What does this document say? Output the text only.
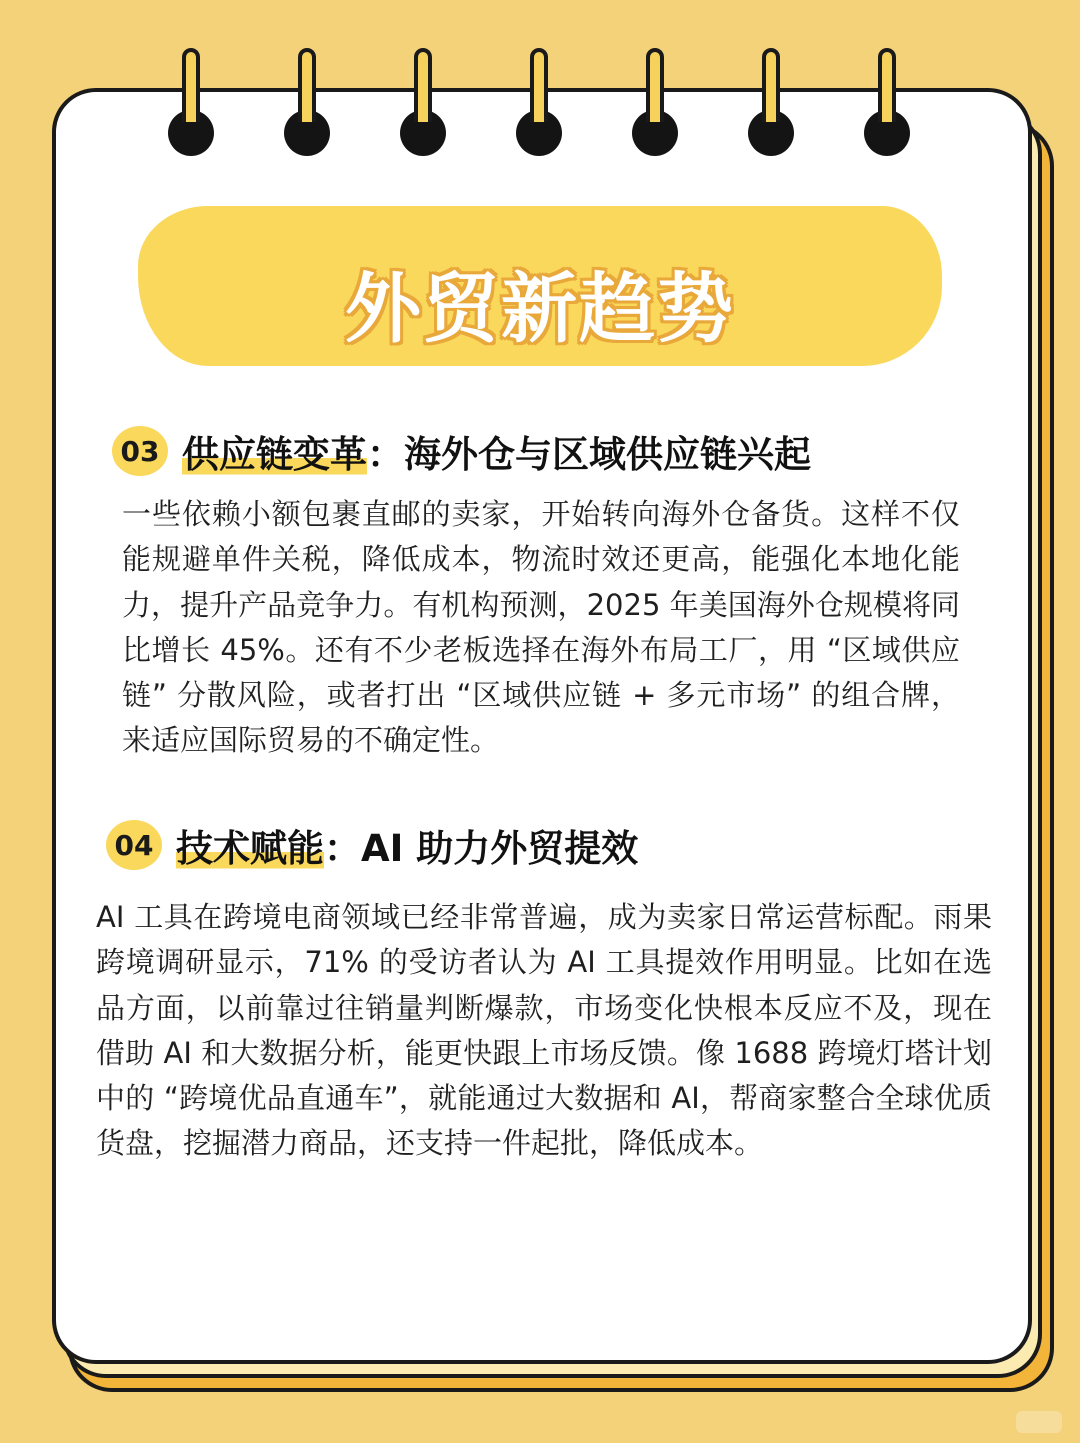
外贸新趋势
03 供应链变革：海外仓与区域供应链兴起

一些依赖小额包裹直邮的卖家，开始转向海外仓备货。这样不仅能规避单件关税，降低成本，物流时效还更高，能强化本地化能力，提升产品竞争力。有机构预测，2025 年美国海外仓规模将同比增长 45%。还有不少老板选择在海外布局工厂，用 “区域供应链” 分散风险，或者打出 “区域供应链 + 多元市场” 的组合牌，来适应国际贸易的不确定性。

04 技术赋能：AI 助力外贸提效

AI 工具在跨境电商领域已经非常普遍，成为卖家日常运营标配。雨果跨境调研显示，71% 的受访者认为 AI 工具提效作用明显。比如在选品方面，以前靠过往销量判断爆款，市场变化快根本反应不及，现在借助 AI 和大数据分析，能更快跟上市场反馈。像 1688 跨境灯塔计划中的 “跨境优品直通车”，就能通过大数据和 AI，帮商家整合全球优质货盘，挖掘潜力商品，还支持一件起批，降低成本。
